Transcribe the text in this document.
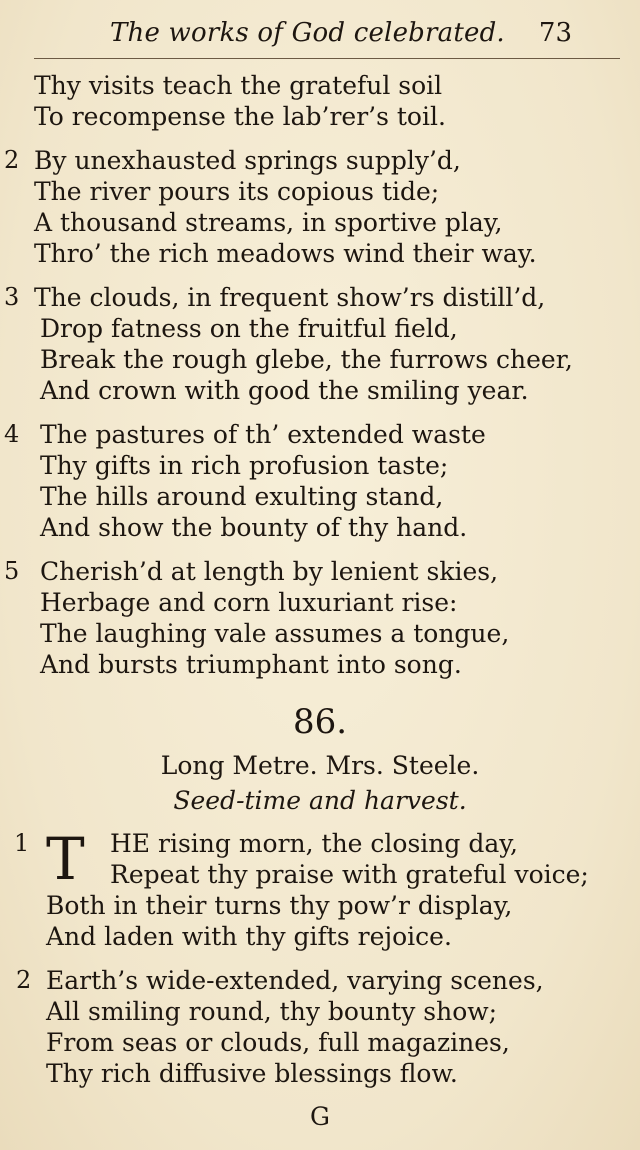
The works of God celebrated. 73
Thy visits teach the grateful soil
To recompense the lab’rer’s toil.
2 By unexhausted springs supply’d,
The river pours its copious tide;
A thousand streams, in sportive play,
Thro’ the rich meadows wind their way.
3 The clouds, in frequent show’rs distill’d,
Drop fatness on the fruitful field,
Break the rough glebe, the furrows cheer,
And crown with good the smiling year.
4 The pastures of th’ extended waste
Thy gifts in rich profusion taste;
The hills around exulting stand,
And show the bounty of thy hand.
5 Cherish’d at length by lenient skies,
Herbage and corn luxuriant rise:
The laughing vale assumes a tongue,
And bursts triumphant into song.
86.
Long Metre. Mrs. Steele.
Seed-time and harvest.
1 T	HE rising morn, the closing day,
Repeat thy praise with grateful voice;
Both in their turns thy pow’r display,
And laden with thy gifts rejoice.
2 Earth’s wide-extended, varying scenes,
All smiling round, thy bounty show;
From seas or clouds, full magazines,
Thy rich diffusive blessings flow.
G
